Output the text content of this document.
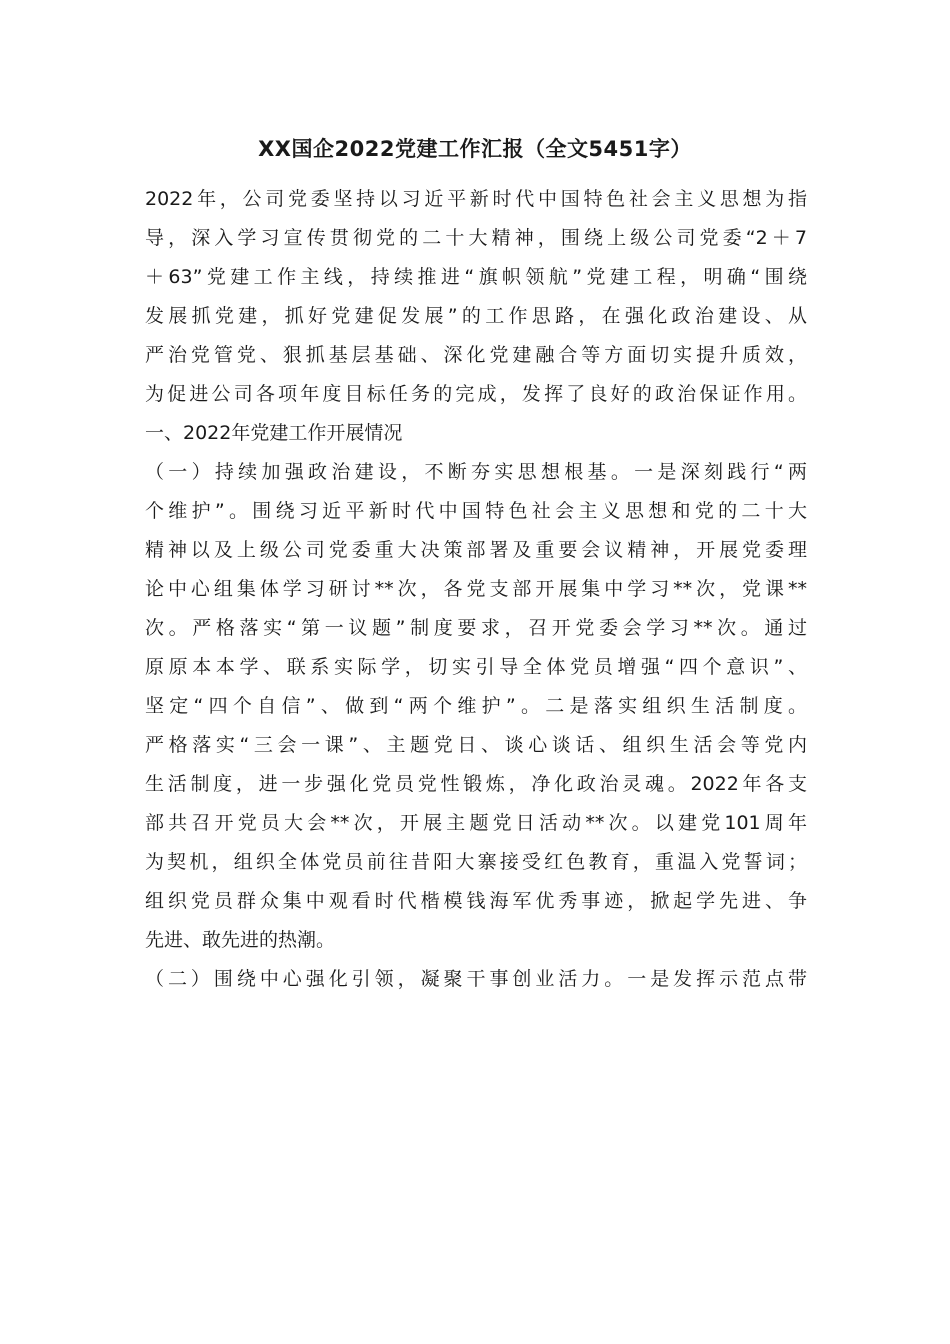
XX国企2022党建工作汇报（全文5451字）
2022年，公司党委坚持以习近平新时代中国特色社会主义思想为指
导，深入学习宣传贯彻党的二十大精神，围绕上级公司党委“2＋7
＋63”党建工作主线，持续推进“旗帜领航”党建工程，明确“围绕
发展抓党建，抓好党建促发展”的工作思路，在强化政治建设、从
严治党管党、狠抓基层基础、深化党建融合等方面切实提升质效，
为促进公司各项年度目标任务的完成，发挥了良好的政治保证作用。
一、2022年党建工作开展情况
（一）持续加强政治建设，不断夯实思想根基。一是深刻践行“两
个维护”。围绕习近平新时代中国特色社会主义思想和党的二十大
精神以及上级公司党委重大决策部署及重要会议精神，开展党委理
论中心组集体学习研讨**次，各党支部开展集中学习**次，党课**
次。严格落实“第一议题”制度要求，召开党委会学习**次。通过
原原本本学、联系实际学，切实引导全体党员增强“四个意识”、
坚定“四个自信”、做到“两个维护”。二是落实组织生活制度。
严格落实“三会一课”、主题党日、谈心谈话、组织生活会等党内
生活制度，进一步强化党员党性锻炼，净化政治灵魂。2022年各支
部共召开党员大会**次，开展主题党日活动**次。以建党101周年
为契机，组织全体党员前往昔阳大寨接受红色教育，重温入党誓词；
组织党员群众集中观看时代楷模钱海军优秀事迹，掀起学先进、争
先进、敢先进的热潮。
（二）围绕中心强化引领，凝聚干事创业活力。一是发挥示范点带
